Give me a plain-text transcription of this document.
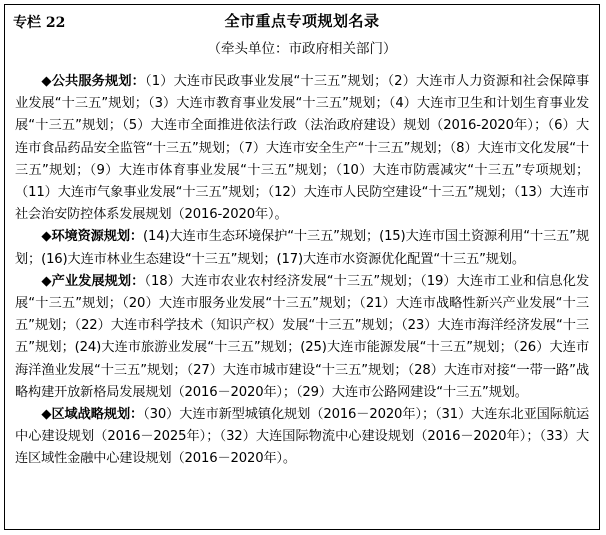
专栏 22	全市重点专项规划名录
（牵头单位：市政府相关部门）

◆公共服务规划：（1）大连市民政事业发展“十三五”规划；（2）大连市人力资源和社会保障事业发展“十三五”规划；（3）大连市教育事业发展“十三五”规划；（4）大连市卫生和计划生育事业发展“十三五”规划；（5）大连市全面推进依法行政（法治政府建设）规划（2016-2020年）；（6）大连市食品药品安全监管“十三五”规划；（7）大连市安全生产“十三五”规划；（8）大连市文化发展“十三五”规划；（9）大连市体育事业发展“十三五”规划；（10）大连市防震减灾“十三五”专项规划；（11）大连市气象事业发展“十三五”规划；（12）大连市人民防空建设“十三五”规划；（13）大连市社会治安防控体系发展规划（2016-2020年）。

◆环境资源规划：(14)大连市生态环境保护“十三五”规划；(15)大连市国土资源利用“十三五”规划；(16)大连市林业生态建设“十三五”规划；(17)大连市水资源优化配置“十三五”规划。

◆产业发展规划：（18）大连市农业农村经济发展“十三五”规划；（19）大连市工业和信息化发展“十三五”规划；（20）大连市服务业发展“十三五”规划；（21）大连市战略性新兴产业发展“十三五”规划；（22）大连市科学技术（知识产权）发展“十三五”规划；（23）大连市海洋经济发展“十三五”规划；(24)大连市旅游业发展“十三五”规划；(25)大连市能源发展“十三五”规划；（26）大连市海洋渔业发展“十三五”规划；（27）大连市城市建设“十三五”规划；（28）大连市对接“一带一路”战略构建开放新格局发展规划（2016－2020年）；（29）大连市公路网建设“十三五”规划。

◆区域战略规划：（30）大连市新型城镇化规划（2016－2020年）；（31）大连东北亚国际航运中心建设规划（2016－2025年）；（32）大连国际物流中心建设规划（2016－2020年）；（33）大连区域性金融中心建设规划（2016－2020年）。
